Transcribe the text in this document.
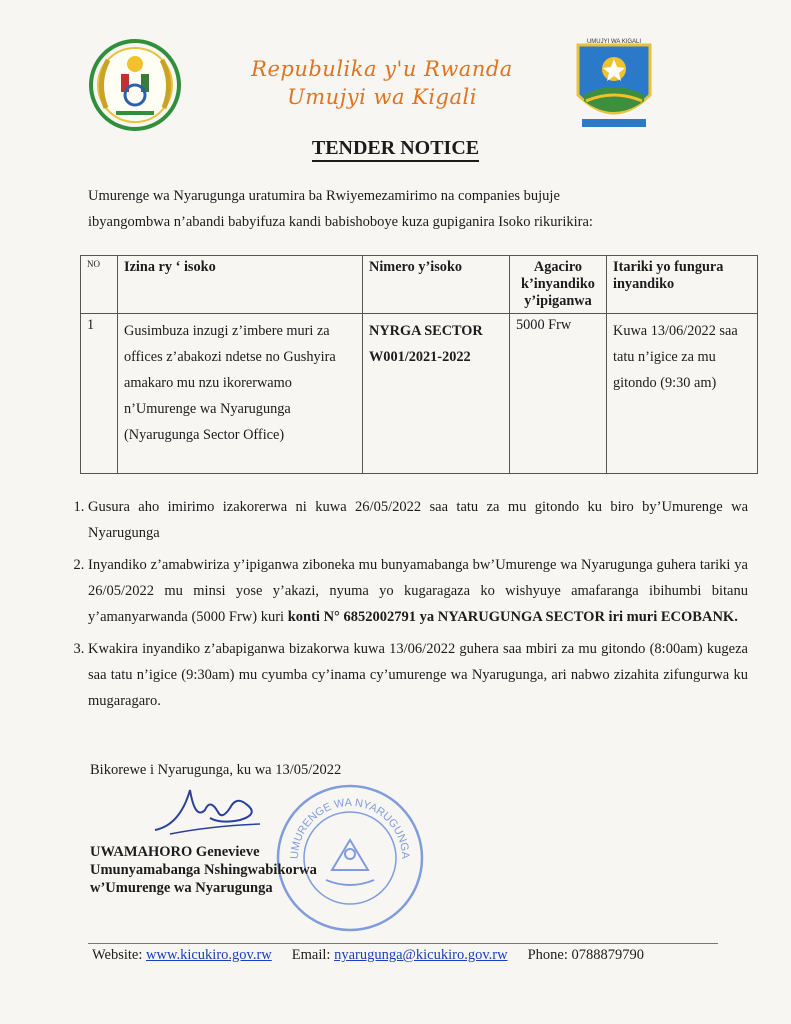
Repubulika y'u Rwanda
Umujyi wa Kigali
UMUJYI WA KIGALI
TENDER NOTICE
Umurenge wa Nyarugunga uratumira ba Rwiyemezamirimo na companies bujuje
ibyangombwa n’abandi babyifuza kandi babishoboye kuza gupiganira Isoko rikurikira:
NO	Izina ry ‘ isoko	Nimero y’isoko	Agaciro k’inyandiko y’ipiganwa	Itariki yo fungura inyandiko
1	Gusimbuza inzugi z’imbere muri za offices z’abakozi ndetse no Gushyira amakaro mu nzu ikorerwamo n’Umurenge wa Nyarugunga (Nyarugunga Sector Office)	NYRGA SECTOR W001/2021-2022	5000 Frw	Kuwa 13/06/2022 saa tatu n’igice za mu gitondo (9:30 am)
1. Gusura aho imirimo izakorerwa ni kuwa 26/05/2022 saa tatu za mu gitondo ku biro by’Umurenge wa Nyarugunga
2. Inyandiko z’amabwiriza y’ipiganwa ziboneka mu bunyamabanga bw’Umurenge wa Nyarugunga guhera tariki ya 26/05/2022 mu minsi yose y’akazi, nyuma yo kugaragaza ko wishyuye amafaranga ibihumbi bitanu y’amanyarwanda (5000 Frw) kuri konti N° 6852002791 ya NYARUGUNGA SECTOR iri muri ECOBANK.
3. Kwakira inyandiko z’abapiganwa bizakorwa kuwa 13/06/2022 guhera saa mbiri za mu gitondo (8:00am) kugeza saa tatu n’igice (9:30am) mu cyumba cy’inama cy’umurenge wa Nyarugunga, ari nabwo zizahita zifungurwa ku mugaragaro.
Bikorewe i Nyarugunga, ku wa 13/05/2022
UMURENGE WA NYARUGUNGA
UWAMAHORO Genevieve
Umunyamabanga Nshingwabikorwa
w’Umurenge wa Nyarugunga
Website: www.kicukiro.gov.rw Email: nyarugunga@kicukiro.gov.rw Phone: 0788879790
